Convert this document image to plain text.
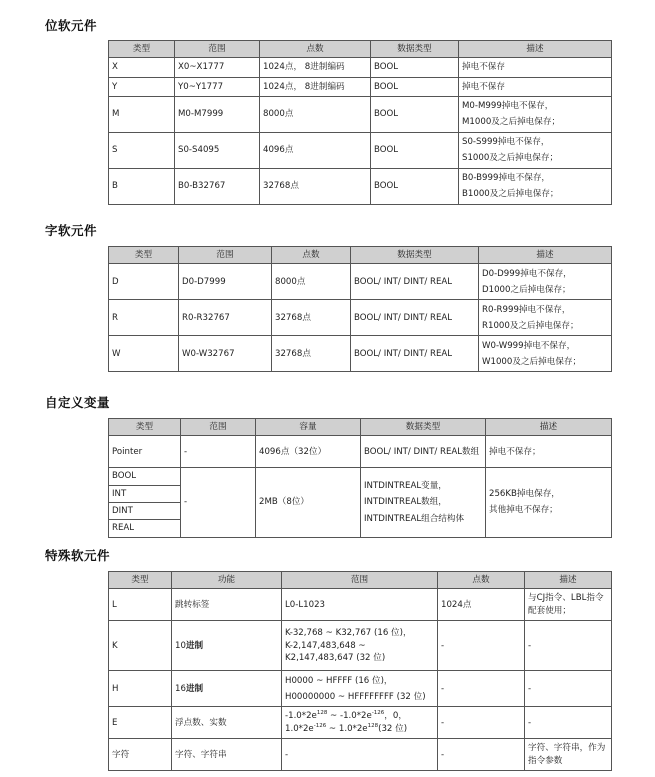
位软元件
类型	范围	点数	数据类型	描述
X	X0~X1777	1024点， 8进制编码	BOOL	掉电不保存
Y	Y0~Y1777	1024点， 8进制编码	BOOL	掉电不保存
M	M0-M7999	8000点	BOOL	M0-M999掉电不保存，
M1000及之后掉电保存；

S	S0-S4095	4096点	BOOL	S0-S999掉电不保存，
S1000及之后掉电保存；

B	B0-B32767	32768点	BOOL	B0-B999掉电不保存，
B1000及之后掉电保存；
字软元件
类型	范围	点数	数据类型	描述
D	D0-D7999	8000点	BOOL/ INT/ DINT/ REAL	D0-D999掉电不保存，
D1000之后掉电保存；

R	R0-R32767	32768点	BOOL/ INT/ DINT/ REAL	R0-R999掉电不保存，
R1000及之后掉电保存；

W	W0-W32767	32768点	BOOL/ INT/ DINT/ REAL	W0-W999掉电不保存，
W1000及之后掉电保存；
自定义变量
类型	范围	容量	数据类型	描述
Pointer	-	4096点（32位）	BOOL/ INT/ DINT/ REAL数组	掉电不保存；
BOOL	-	2MB（8位）	INTDINTREAL变量，
INTDINTREAL数组，
INTDINTREAL组合结构体	256KB掉电保存，
其他掉电不保存；

INT				
DINT				
REAL				
特殊软元件
类型	功能	范围	点数	描述
L	跳转标签	L0-L1023	1024点	与CJ指令、LBL指令配套使用；
K	10进制	K-32,768 ~ K32,767 (16 位)，
K-2,147,483,648 ~ K2,147,483,647 (32 位)	-	-
H	16进制	H0000 ~ HFFFF (16 位)，
H00000000 ~ HFFFFFFFF (32 位)	-	-
E	浮点数、实数	$-1.0*2e^{128}$ ~ $-1.0*2e^{-126}$，0，$1.0*2e^{-126}$ ~ $1.0*2e^{128}(32$ 位)	-	-
字符	字符、字符串	-	-	字符、字符串，作为指令参数
